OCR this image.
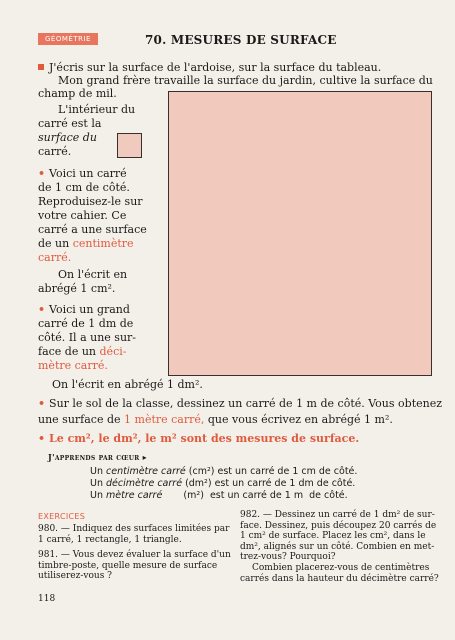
GÉOMÉTRIE	70. MESURES DE SURFACE
J'écris sur la surface de l'ardoise, sur la surface du tableau.
Mon grand frère travaille la surface du jardin, cultive la surface du
champ de mil.
L'intérieur du
carré est la
surface du
carré.
• Voici un carré
de 1 cm de côté.
Reproduisez-le sur
votre cahier. Ce
carré a une surface
de un centimètre
carré.
On l'écrit en
abrégé 1 cm².
• Voici un grand
carré de 1 dm de
côté. Il a une sur-
face de un déci-
mètre carré.
On l'écrit en abrégé 1 dm².
• Sur le sol de la classe, dessinez un carré de 1 m de côté. Vous obtenez
une surface de 1 mètre carré, que vous écrivez en abrégé 1 m².
• Le cm², le dm², le m² sont des mesures de surface.
J'apprends par cœur ▸
Un centimètre carré (cm²) est un carré de 1 cm de côté.
Un décimètre carré (dm²) est un carré de 1 dm de côté.
Un mètre carré       (m²)  est un carré de 1 m  de côté.
EXERCICES
980. — Indiquez des surfaces limitées par
1 carré, 1 rectangle, 1 triangle.
981. — Vous devez évaluer la surface d'un
timbre-poste, quelle mesure de surface
utiliserez-vous ?
982. — Dessinez un carré de 1 dm² de sur-
face. Dessinez, puis découpez 20 carrés de
1 cm² de surface. Placez les cm², dans le
dm², alignés sur un côté. Combien en met-
trez-vous? Pourquoi?
Combien placerez-vous de centimètres
carrés dans la hauteur du décimètre carré?
118
